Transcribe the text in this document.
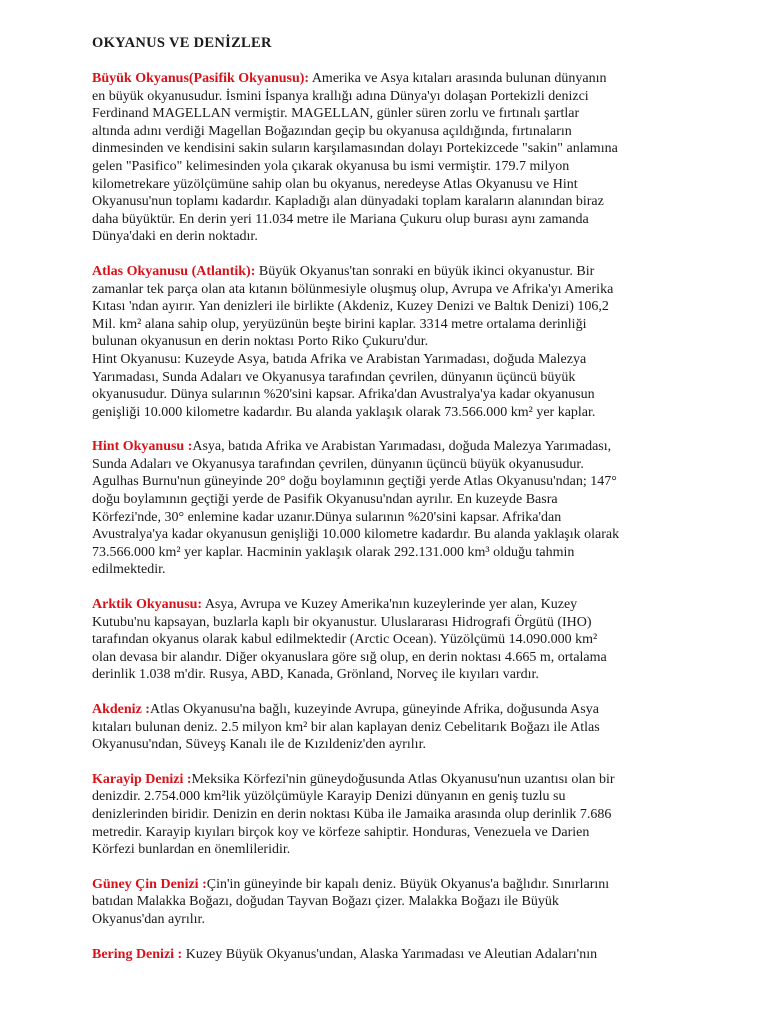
OKYANUS VE DENİZLER
Büyük Okyanus(Pasifik Okyanusu): Amerika ve Asya kıtaları arasında bulunan dünyanın
en büyük okyanusudur. İsmini İspanya krallığı adına Dünya'yı dolaşan Portekizli denizci
Ferdinand MAGELLAN vermiştir. MAGELLAN, günler süren zorlu ve fırtınalı şartlar
altında adını verdiği Magellan Boğazından geçip bu okyanusa açıldığında, fırtınaların
dinmesinden ve kendisini sakin suların karşılamasından dolayı Portekizcede "sakin" anlamına
gelen "Pasifico" kelimesinden yola çıkarak okyanusa bu ismi vermiştir. 179.7 milyon
kilometrekare yüzölçümüne sahip olan bu okyanus, neredeyse Atlas Okyanusu ve Hint
Okyanusu'nun toplamı kadardır. Kapladığı alan dünyadaki toplam karaların alanından biraz
daha büyüktür. En derin yeri 11.034 metre ile Mariana Çukuru olup burası aynı zamanda
Dünya'daki en derin noktadır.
Atlas Okyanusu (Atlantik): Büyük Okyanus'tan sonraki en büyük ikinci okyanustur. Bir
zamanlar tek parça olan ata kıtanın bölünmesiyle oluşmuş olup, Avrupa ve Afrika'yı Amerika
Kıtası 'ndan ayırır. Yan denizleri ile birlikte (Akdeniz, Kuzey Denizi ve Baltık Denizi) 106,2
Mil. km² alana sahip olup, yeryüzünün beşte birini kaplar. 3314 metre ortalama derinliği
bulunan okyanusun en derin noktası Porto Riko Çukuru'dur.
Hint Okyanusu: Kuzeyde Asya, batıda Afrika ve Arabistan Yarımadası, doğuda Malezya
Yarımadası, Sunda Adaları ve Okyanusya tarafından çevrilen, dünyanın üçüncü büyük
okyanusudur. Dünya sularının %20'sini kapsar. Afrika'dan Avustralya'ya kadar okyanusun
genişliği 10.000 kilometre kadardır. Bu alanda yaklaşık olarak 73.566.000 km² yer kaplar.
Hint Okyanusu :Asya, batıda Afrika ve Arabistan Yarımadası, doğuda Malezya Yarımadası,
Sunda Adaları ve Okyanusya tarafından çevrilen, dünyanın üçüncü büyük okyanusudur.
Agulhas Burnu'nun güneyinde 20° doğu boylamının geçtiği yerde Atlas Okyanusu'ndan; 147°
doğu boylamının geçtiği yerde de Pasifik Okyanusu'ndan ayrılır. En kuzeyde Basra
Körfezi'nde, 30° enlemine kadar uzanır.Dünya sularının %20'sini kapsar. Afrika'dan
Avustralya'ya kadar okyanusun genişliği 10.000 kilometre kadardır. Bu alanda yaklaşık olarak
73.566.000 km² yer kaplar. Hacminin yaklaşık olarak 292.131.000 km³ olduğu tahmin
edilmektedir.
Arktik Okyanusu: Asya, Avrupa ve Kuzey Amerika'nın kuzeylerinde yer alan, Kuzey
Kutubu'nu kapsayan, buzlarla kaplı bir okyanustur. Uluslararası Hidrografi Örgütü (IHO)
tarafından okyanus olarak kabul edilmektedir (Arctic Ocean). Yüzölçümü 14.090.000 km²
olan devasa bir alandır. Diğer okyanuslara göre sığ olup, en derin noktası 4.665 m, ortalama
derinlik 1.038 m'dir. Rusya, ABD, Kanada, Grönland, Norveç ile kıyıları vardır.
Akdeniz :Atlas Okyanusu'na bağlı, kuzeyinde Avrupa, güneyinde Afrika, doğusunda Asya
kıtaları bulunan deniz. 2.5 milyon km² bir alan kaplayan deniz Cebelitarık Boğazı ile Atlas
Okyanusu'ndan, Süveyş Kanalı ile de Kızıldeniz'den ayrılır.
Karayip Denizi :Meksika Körfezi'nin güneydoğusunda Atlas Okyanusu'nun uzantısı olan bir
denizdir. 2.754.000 km²lik yüzölçümüyle Karayip Denizi dünyanın en geniş tuzlu su
denizlerinden biridir. Denizin en derin noktası Küba ile Jamaika arasında olup derinlik 7.686
metredir. Karayip kıyıları birçok koy ve körfeze sahiptir. Honduras, Venezuela ve Darien
Körfezi bunlardan en önemlileridir.
Güney Çin Denizi :Çin'in güneyinde bir kapalı deniz. Büyük Okyanus'a bağlıdır. Sınırlarını
batıdan Malakka Boğazı, doğudan Tayvan Boğazı çizer. Malakka Boğazı ile Büyük
Okyanus'dan ayrılır.
Bering Denizi : Kuzey Büyük Okyanus'undan, Alaska Yarımadası ve Aleutian Adaları'nın
